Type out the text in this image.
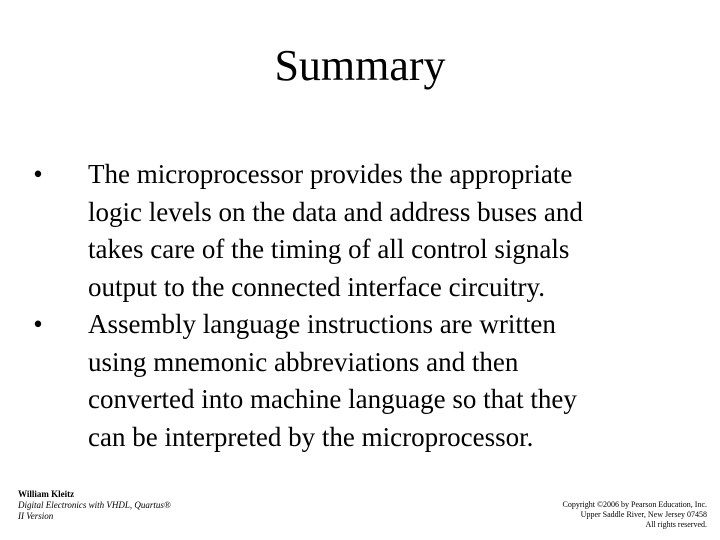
Summary
• The microprocessor provides the appropriate
logic levels on the data and address buses and
takes care of the timing of all control signals
output to the connected interface circuitry.
• Assembly language instructions are written
using mnemonic abbreviations and then
converted into machine language so that they
can be interpreted by the microprocessor.
William Kleitz
Digital Electronics with VHDL, Quartus®
II Version
Copyright ©2006 by Pearson Education, Inc.
Upper Saddle River, New Jersey 07458
All rights reserved.
